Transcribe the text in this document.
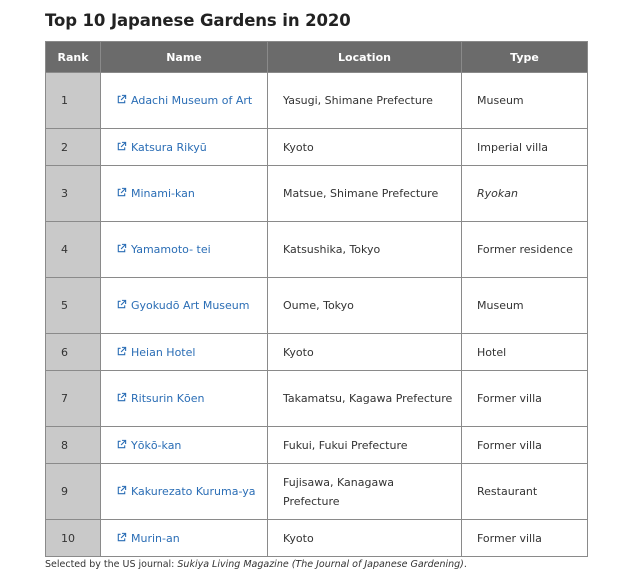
Top 10 Japanese Gardens in 2020
Rank	Name	Location	Type
1	Adachi Museum of Art	Yasugi, Shimane Prefecture	Museum
2	Katsura Rikyū	Kyoto	Imperial villa
3	Minami-kan	Matsue, Shimane Prefecture	Ryokan
4	Yamamoto- tei	Katsushika, Tokyo	Former residence
5	Gyokudō Art Museum	Oume, Tokyo	Museum
6	Heian Hotel	Kyoto	Hotel
7	Ritsurin Kōen	Takamatsu, Kagawa Prefecture	Former villa
8	Yōkō-kan	Fukui, Fukui Prefecture	Former villa
9	Kakurezato Kuruma-ya	Fujisawa, Kanagawa Prefecture	Restaurant
10	Murin-an	Kyoto	Former villa
Selected by the US journal: Sukiya Living Magazine (The Journal of Japanese Gardening).
